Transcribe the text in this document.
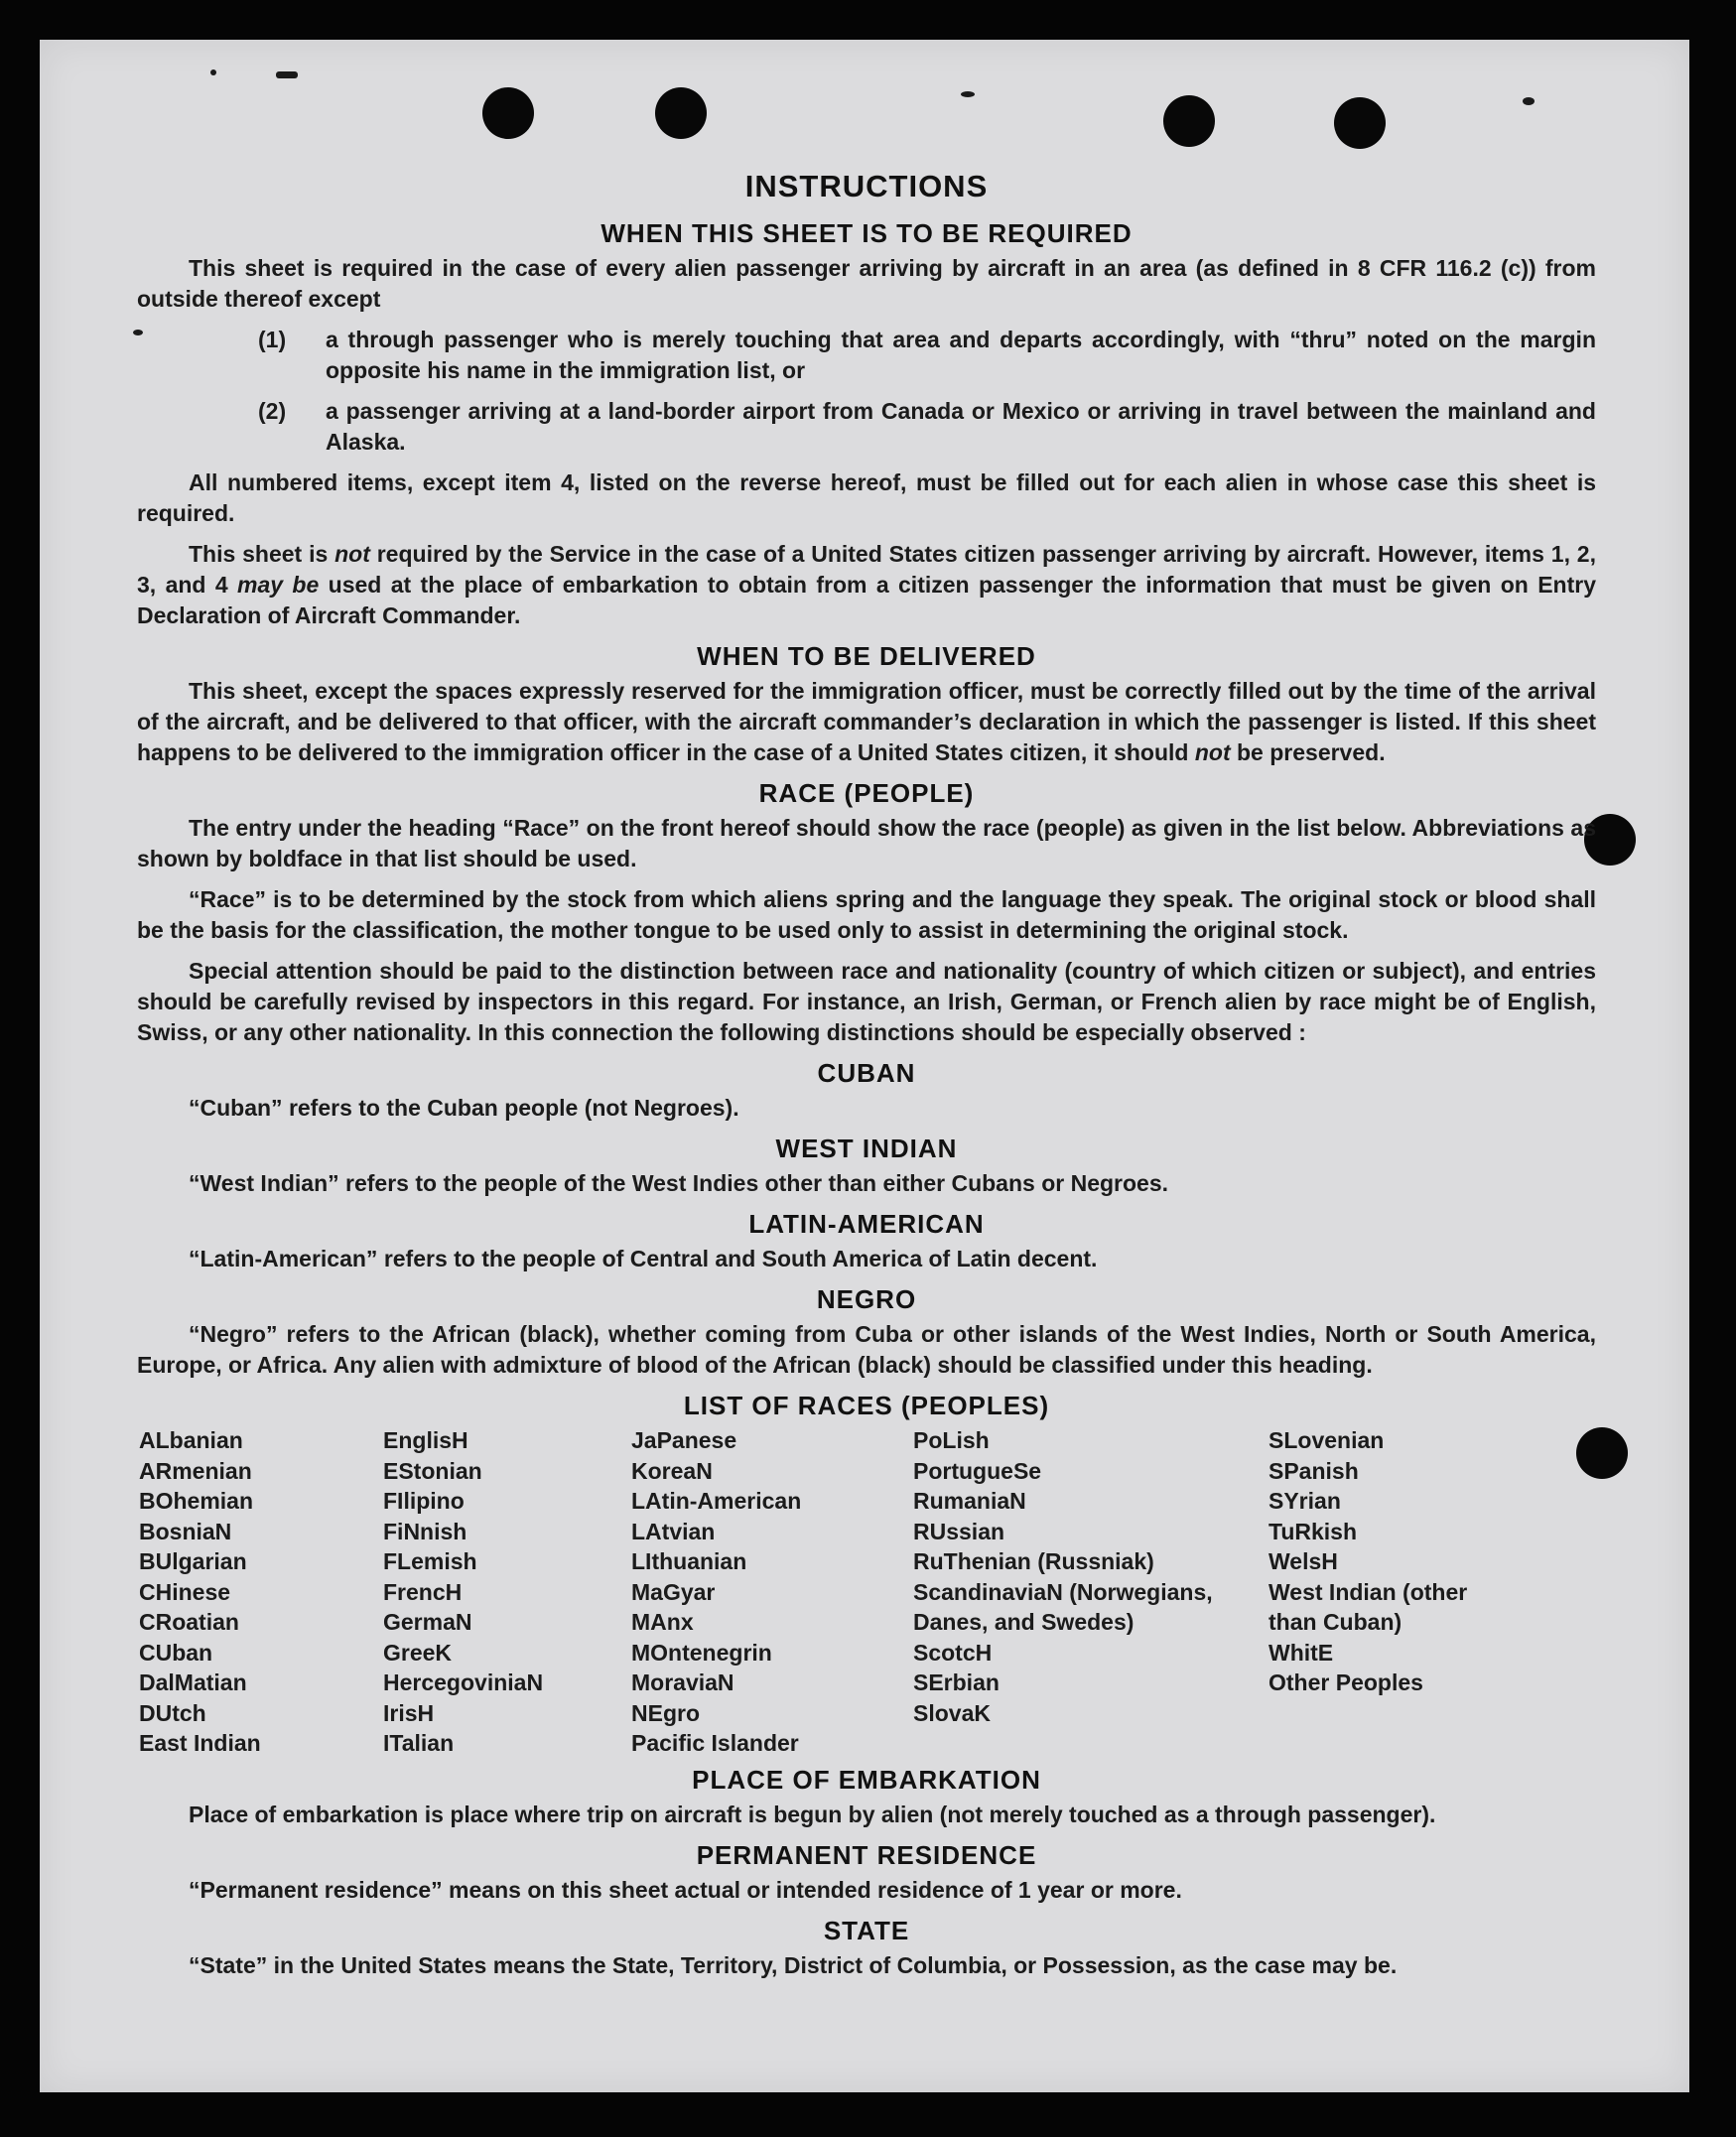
INSTRUCTIONS
WHEN THIS SHEET IS TO BE REQUIRED

This sheet is required in the case of every alien passenger arriving by aircraft in an area (as defined in 8 CFR 116.2 (c)) from outside thereof except

(1)	a through passenger who is merely touching that area and departs accordingly, with “thru” noted on the margin opposite his name in the immigration list, or
(2)	a passenger arriving at a land-border airport from Canada or Mexico or arriving in travel between the mainland and Alaska.

All numbered items, except item 4, listed on the reverse hereof, must be filled out for each alien in whose case this sheet is required.

This sheet is not required by the Service in the case of a United States citizen passenger arriving by aircraft. However, items 1, 2, 3, and 4 may be used at the place of embarkation to obtain from a citizen passenger the information that must be given on Entry Declaration of Aircraft Commander.

WHEN TO BE DELIVERED

This sheet, except the spaces expressly reserved for the immigration officer, must be correctly filled out by the time of the arrival of the aircraft, and be delivered to that officer, with the aircraft commander’s declaration in which the passenger is listed. If this sheet happens to be delivered to the immigration officer in the case of a United States citizen, it should not be preserved.

RACE (PEOPLE)

The entry under the heading “Race” on the front hereof should show the race (people) as given in the list below. Abbreviations as shown by boldface in that list should be used.

“Race” is to be determined by the stock from which aliens spring and the language they speak. The original stock or blood shall be the basis for the classification, the mother tongue to be used only to assist in determining the original stock.

Special attention should be paid to the distinction between race and nationality (country of which citizen or subject), and entries should be carefully revised by inspectors in this regard. For instance, an Irish, German, or French alien by race might be of English, Swiss, or any other nationality. In this connection the following distinctions should be especially observed :

CUBAN

“Cuban” refers to the Cuban people (not Negroes).

WEST INDIAN

“West Indian” refers to the people of the West Indies other than either Cubans or Negroes.

LATIN-AMERICAN

“Latin-American” refers to the people of Central and South America of Latin decent.

NEGRO

“Negro” refers to the African (black), whether coming from Cuba or other islands of the West Indies, North or South America, Europe, or Africa. Any alien with admixture of blood of the African (black) should be classified under this heading.

LIST OF RACES (PEOPLES)
ALbanian
ARmenian
BOhemian
BosniaN
BUlgarian
CHinese
CRoatian
CUban
DalMatian
DUtch
East Indian
EnglisH
EStonian
FIlipino
FiNnish
FLemish
FrencH
GermaN
GreeK
HercegoviniaN
IrisH
ITalian
JaPanese
KoreaN
LAtin-American
LAtvian
LIthuanian
MaGyar
MAnx
MOntenegrin
MoraviaN
NEgro
Pacific Islander
PoLish
PortugueSe
RumaniaN
RUssian
RuThenian (Russniak)
ScandinaviaN (Norwegians, Danes, and Swedes)
ScotcH
SErbian
SlovaK
SLovenian
SPanish
SYrian
TuRkish
WelsH
West Indian (other than Cuban)
WhitE
Other Peoples
PLACE OF EMBARKATION

Place of embarkation is place where trip on aircraft is begun by alien (not merely touched as a through passenger).

PERMANENT RESIDENCE

“Permanent residence” means on this sheet actual or intended residence of 1 year or more.

STATE

“State” in the United States means the State, Territory, District of Columbia, or Possession, as the case may be.
